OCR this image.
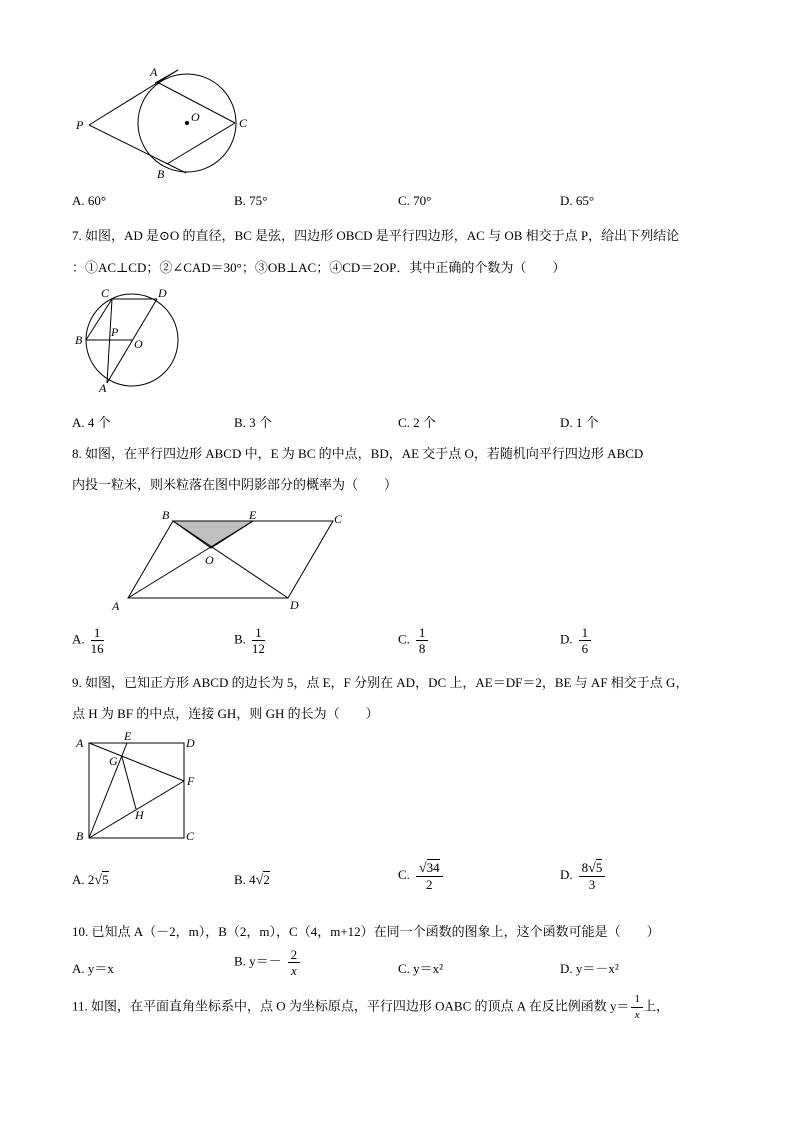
A
B
C
P
O
A. 60°	B. 75°	C. 70°	D. 65°
7. 如图，AD 是⊙O 的直径，BC 是弦，四边形 OBCD 是平行四边形，AC 与 OB 相交于点 P，给出下列结论
：①AC⊥CD；②∠CAD＝30°；③OB⊥AC；④CD＝2OP．其中正确的个数为（　　）
C	D
B
P
O
A
A. 4 个	B. 3 个	C. 2 个	D. 1 个
8. 如图，在平行四边形 ABCD 中，E 为 BC 的中点，BD，AE 交于点 O，若随机向平行四边形 ABCD
内投一粒米，则米粒落在图中阴影部分的概率为（　　）
B	E	C
O
A	D
A. $\frac{1}{16}$	B. $\frac{1}{12}$	C. $\frac{1}{8}$	D. $\frac{1}{6}$
9. 如图，已知正方形 ABCD 的边长为 5，点 E，F 分别在 AD，DC 上，AE＝DF＝2，BE 与 AF 相交于点 G，
点 H 为 BF 的中点，连接 GH，则 GH 的长为（　　）
A	E	D
G
F
H
B	C
A. 2√5	B. 4√2	C. $\frac{√34}{2}$	D. $\frac{8√5}{3}$
10. 已知点 A（－2，m），B（2，m），C（4，m+12）在同一个函数的图象上，这个函数可能是（　　）
A. y＝x
B. $y=- \frac{2}{x}$	C. y＝x²	D. y＝－x²
11. 如图，在平面直角坐标系中，点 O 为坐标原点，平行四边形 OABC 的顶点 A 在反比例函数 $y= \frac{1}{x}$ 上，
